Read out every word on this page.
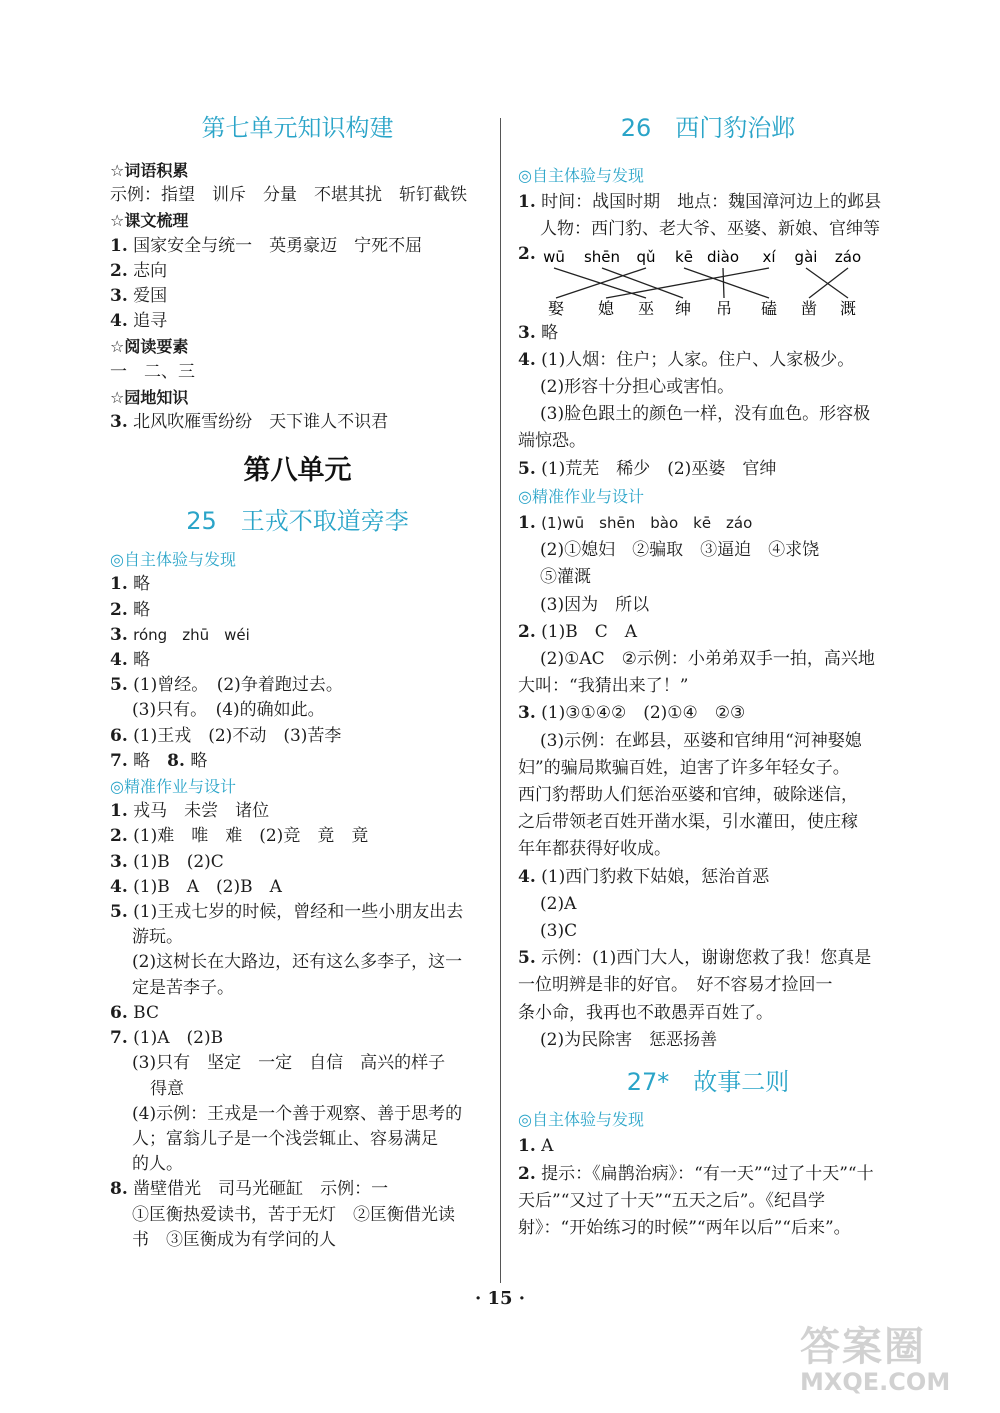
第七单元知识构建
☆词语积累
示例：指望　训斥　分量　不堪其扰　斩钉截铁
☆课文梳理
1. 国家安全与统一　英勇豪迈　宁死不屈
2. 志向
3. 爱国
4. 追寻
☆阅读要素
一　二、三
☆园地知识
3. 北风吹雁雪纷纷　天下谁人不识君
第八单元
25　王戎不取道旁李
◎自主体验与发现
1. 略
2. 略
3. róng　zhū　wéi
4. 略
5. (1)曾经。　(2)争着跑过去。
(3)只有。　(4)的确如此。
6. (1)王戎　(2)不动　(3)苦李
7. 略　8. 略
◎精准作业与设计
1. 戎马　未尝　诸位
2. (1)难　唯　难　(2)竞　竟　竟
3. (1)B　(2)C
4. (1)B　A　(2)B　A
5. (1)王戎七岁的时候，曾经和一些小朋友出去
游玩。
(2)这树长在大路边，还有这么多李子，这一
定是苦李子。
6. BC
7. (1)A　(2)B
(3)只有　坚定　一定　自信　高兴的样子
得意
(4)示例：王戎是一个善于观察、善于思考的
人；富翁儿子是一个浅尝辄止、容易满足
的人。
8. 凿壁借光　司马光砸缸　示例：一
①匡衡热爱读书，苦于无灯　②匡衡借光读
书　③匡衡成为有学问的人
26　西门豹治邺
◎自主体验与发现
1. 时间：战国时期　地点：魏国漳河边上的邺县
人物：西门豹、老大爷、巫婆、新娘、官绅等
2. wū shēn qǔ kē diào xí gài záo
娶 媳 巫 绅 吊 磕 凿 溉
3. 略
4. (1)人烟：住户；人家。住户、人家极少。
(2)形容十分担心或害怕。
(3)脸色跟土的颜色一样，没有血色。形容极
端惊恐。
5. (1)荒芜　稀少　(2)巫婆　官绅
◎精准作业与设计
1. (1)wū　shēn　bào　kē　záo
(2)①媳妇　②骗取　③逼迫　④求饶
⑤灌溉
(3)因为　所以
2. (1)B　C　A
(2)①AC　②示例：小弟弟双手一拍，高兴地
大叫：“我猜出来了！”
3. (1)③①④②　(2)①④　②③
(3)示例：在邺县，巫婆和官绅用“河神娶媳
妇”的骗局欺骗百姓，迫害了许多年轻女子。
西门豹帮助人们惩治巫婆和官绅，破除迷信，
之后带领老百姓开凿水渠，引水灌田，使庄稼
年年都获得好收成。
4. (1)西门豹救下姑娘，惩治首恶
(2)A
(3)C
5. 示例：(1)西门大人，谢谢您救了我！您真是
一位明辨是非的好官。　好不容易才捡回一
条小命，我再也不敢愚弄百姓了。
(2)为民除害　惩恶扬善
27*　故事二则
◎自主体验与发现
1. A
2. 提示：《扁鹊治病》：“有一天”“过了十天”“十
天后”“又过了十天”“五天之后”。《纪昌学
射》：“开始练习的时候”“两年以后”“后来”。
· 15 ·
答案圈
MXQE.COM
